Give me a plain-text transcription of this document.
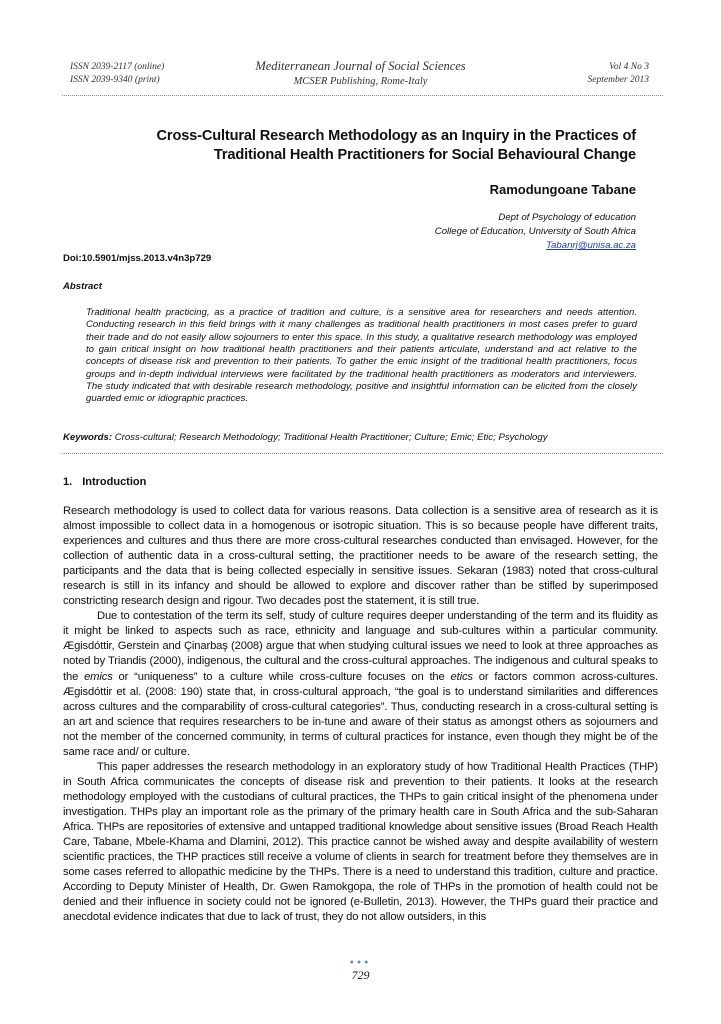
ISSN 2039-2117 (online)
ISSN 2039-9340 (print)
Mediterranean Journal of Social Sciences
MCSER Publishing, Rome-Italy
Vol 4 No 3
September 2013
Cross-Cultural Research Methodology as an Inquiry in the Practices of
Traditional Health Practitioners for Social Behavioural Change
Ramodungoane Tabane
Dept of Psychology of education
College of Education, University of South Africa
Tabanrj@unisa.ac.za
Doi:10.5901/mjss.2013.v4n3p729
Abstract
Traditional health practicing, as a practice of tradition and culture, is a sensitive area for researchers and needs attention. Conducting research in this field brings with it many challenges as traditional health practitioners in most cases prefer to guard their trade and do not easily allow sojourners to enter this space. In this study, a qualitative research methodology was employed to gain critical insight on how traditional health practitioners and their patients articulate, understand and act relative to the concepts of disease risk and prevention to their patients. To gather the emic insight of the traditional health practitioners, focus groups and in-depth individual interviews were facilitated by the traditional health practitioners as moderators and interviewers. The study indicated that with desirable research methodology, positive and insightful information can be elicited from the closely guarded emic or idiographic practices.
Keywords: Cross-cultural; Research Methodology; Traditional Health Practitioner; Culture; Emic; Etic; Psychology
1. Introduction

Research methodology is used to collect data for various reasons. Data collection is a sensitive area of research as it is almost impossible to collect data in a homogenous or isotropic situation. This is so because people have different traits, experiences and cultures and thus there are more cross-cultural researches conducted than envisaged. However, for the collection of authentic data in a cross-cultural setting, the practitioner needs to be aware of the research setting, the participants and the data that is being collected especially in sensitive issues. Sekaran (1983) noted that cross-cultural research is still in its infancy and should be allowed to explore and discover rather than be stifled by superimposed constricting research design and rigour. Two decades post the statement, it is still true.

Due to contestation of the term its self, study of culture requires deeper understanding of the term and its fluidity as it might be linked to aspects such as race, ethnicity and language and sub-cultures within a particular community. Ægisdóttir, Gerstein and Çinarbaş (2008) argue that when studying cultural issues we need to look at three approaches as noted by Triandis (2000), indigenous, the cultural and the cross-cultural approaches. The indigenous and cultural speaks to the emics or “uniqueness” to a culture while cross-culture focuses on the etics or factors common across-cultures. Ægisdóttir et al. (2008: 190) state that, in cross-cultural approach, “the goal is to understand similarities and differences across cultures and the comparability of cross-cultural categories”. Thus, conducting research in a cross-cultural setting is an art and science that requires researchers to be in-tune and aware of their status as amongst others as sojourners and not the member of the concerned community, in terms of cultural practices for instance, even though they might be of the same race and/ or culture.

This paper addresses the research methodology in an exploratory study of how Traditional Health Practices (THP) in South Africa communicates the concepts of disease risk and prevention to their patients. It looks at the research methodology employed with the custodians of cultural practices, the THPs to gain critical insight of the phenomena under investigation. THPs play an important role as the primary of the primary health care in South Africa and the sub-Saharan Africa. THPs are repositories of extensive and untapped traditional knowledge about sensitive issues (Broad Reach Health Care, Tabane, Mbele-Khama and Dlamini, 2012). This practice cannot be wished away and despite availability of western scientific practices, the THP practices still receive a volume of clients in search for treatment before they themselves are in some cases referred to allopathic medicine by the THPs. There is a need to understand this tradition, culture and practice. According to Deputy Minister of Health, Dr. Gwen Ramokgopa, the role of THPs in the promotion of health could not be denied and their influence in society could not be ignored (e-Bulletin, 2013). However, the THPs guard their practice and anecdotal evidence indicates that due to lack of trust, they do not allow outsiders, in this

●●●
729
